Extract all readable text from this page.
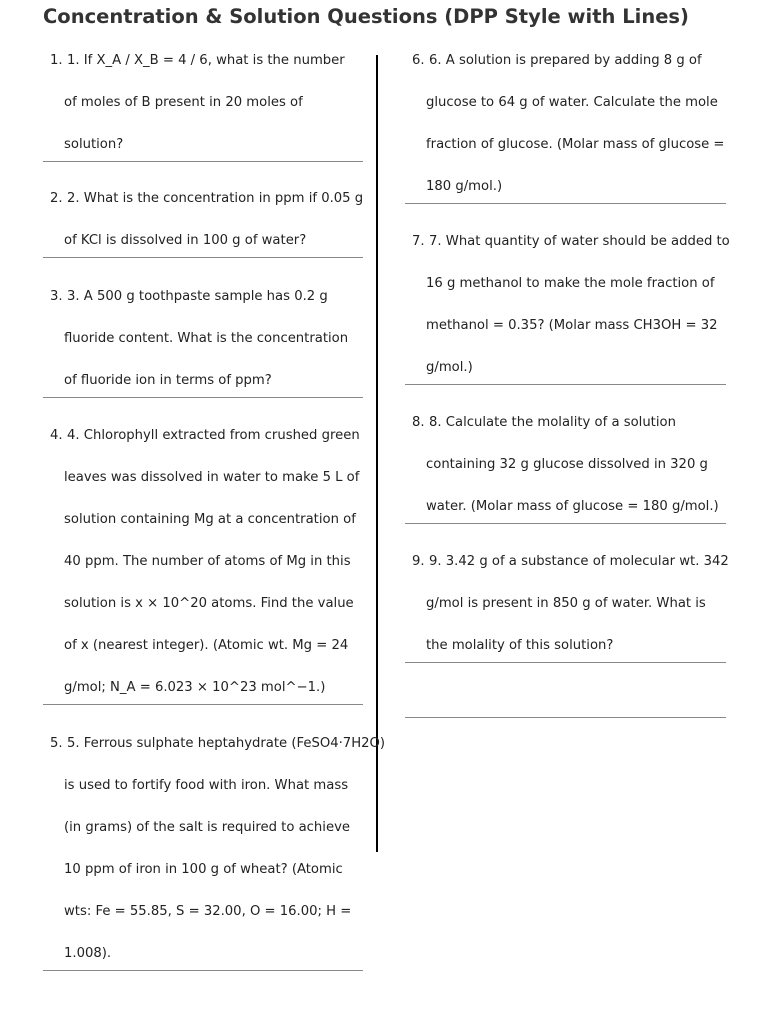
Concentration & Solution Questions (DPP Style with Lines)
1. 1. If X_A / X_B = 4 / 6, what is the number
of moles of B present in 20 moles of
solution?
2. 2. What is the concentration in ppm if 0.05 g
of KCl is dissolved in 100 g of water?
3. 3. A 500 g toothpaste sample has 0.2 g
fluoride content. What is the concentration
of fluoride ion in terms of ppm?
4. 4. Chlorophyll extracted from crushed green
leaves was dissolved in water to make 5 L of
solution containing Mg at a concentration of
40 ppm. The number of atoms of Mg in this
solution is x × 10^20 atoms. Find the value
of x (nearest integer). (Atomic wt. Mg = 24
g/mol; N_A = 6.023 × 10^23 mol^−1.)
5. 5. Ferrous sulphate heptahydrate (FeSO4·7H2O)
is used to fortify food with iron. What mass
(in grams) of the salt is required to achieve
10 ppm of iron in 100 g of wheat? (Atomic
wts: Fe = 55.85, S = 32.00, O = 16.00; H =
1.008).
6. 6. A solution is prepared by adding 8 g of
glucose to 64 g of water. Calculate the mole
fraction of glucose. (Molar mass of glucose =
180 g/mol.)
7. 7. What quantity of water should be added to
16 g methanol to make the mole fraction of
methanol = 0.35? (Molar mass CH3OH = 32
g/mol.)
8. 8. Calculate the molality of a solution
containing 32 g glucose dissolved in 320 g
water. (Molar mass of glucose = 180 g/mol.)
9. 9. 3.42 g of a substance of molecular wt. 342
g/mol is present in 850 g of water. What is
the molality of this solution?
